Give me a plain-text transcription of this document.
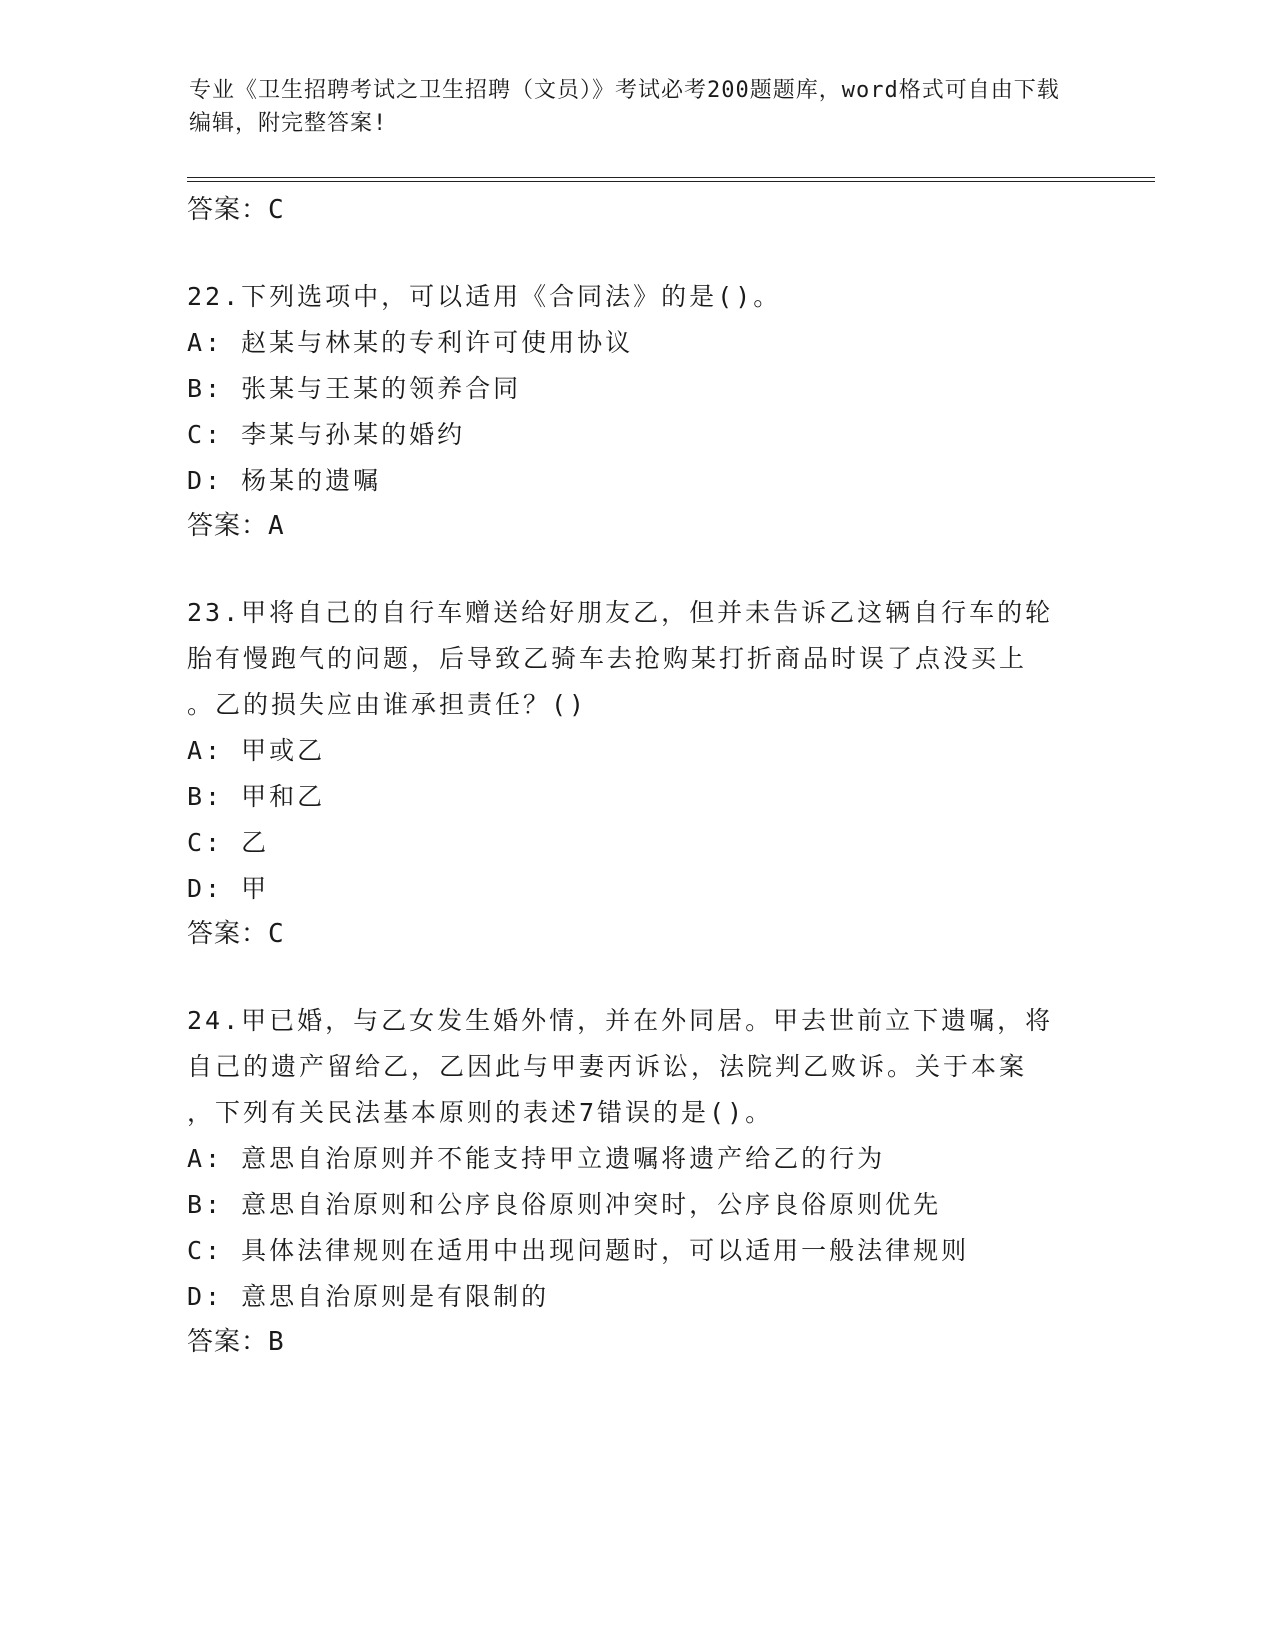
专业《卫生招聘考试之卫生招聘（文员）》考试必考200题题库，word格式可自由下载编辑，附完整答案!
答案：C
22.下列选项中，可以适用《合同法》的是()。
A: 赵某与林某的专利许可使用协议
B: 张某与王某的领养合同
C: 李某与孙某的婚约
D: 杨某的遗嘱
答案：A
23.甲将自己的自行车赠送给好朋友乙，但并未告诉乙这辆自行车的轮
胎有慢跑气的问题，后导致乙骑车去抢购某打折商品时误了点没买上
。乙的损失应由谁承担责任？()
A: 甲或乙
B: 甲和乙
C: 乙
D: 甲
答案：C
24.甲已婚，与乙女发生婚外情，并在外同居。甲去世前立下遗嘱，将
自己的遗产留给乙，乙因此与甲妻丙诉讼，法院判乙败诉。关于本案
，下列有关民法基本原则的表述7错误的是()。
A: 意思自治原则并不能支持甲立遗嘱将遗产给乙的行为
B: 意思自治原则和公序良俗原则冲突时，公序良俗原则优先
C: 具体法律规则在适用中出现问题时，可以适用一般法律规则
D: 意思自治原则是有限制的
答案：B
